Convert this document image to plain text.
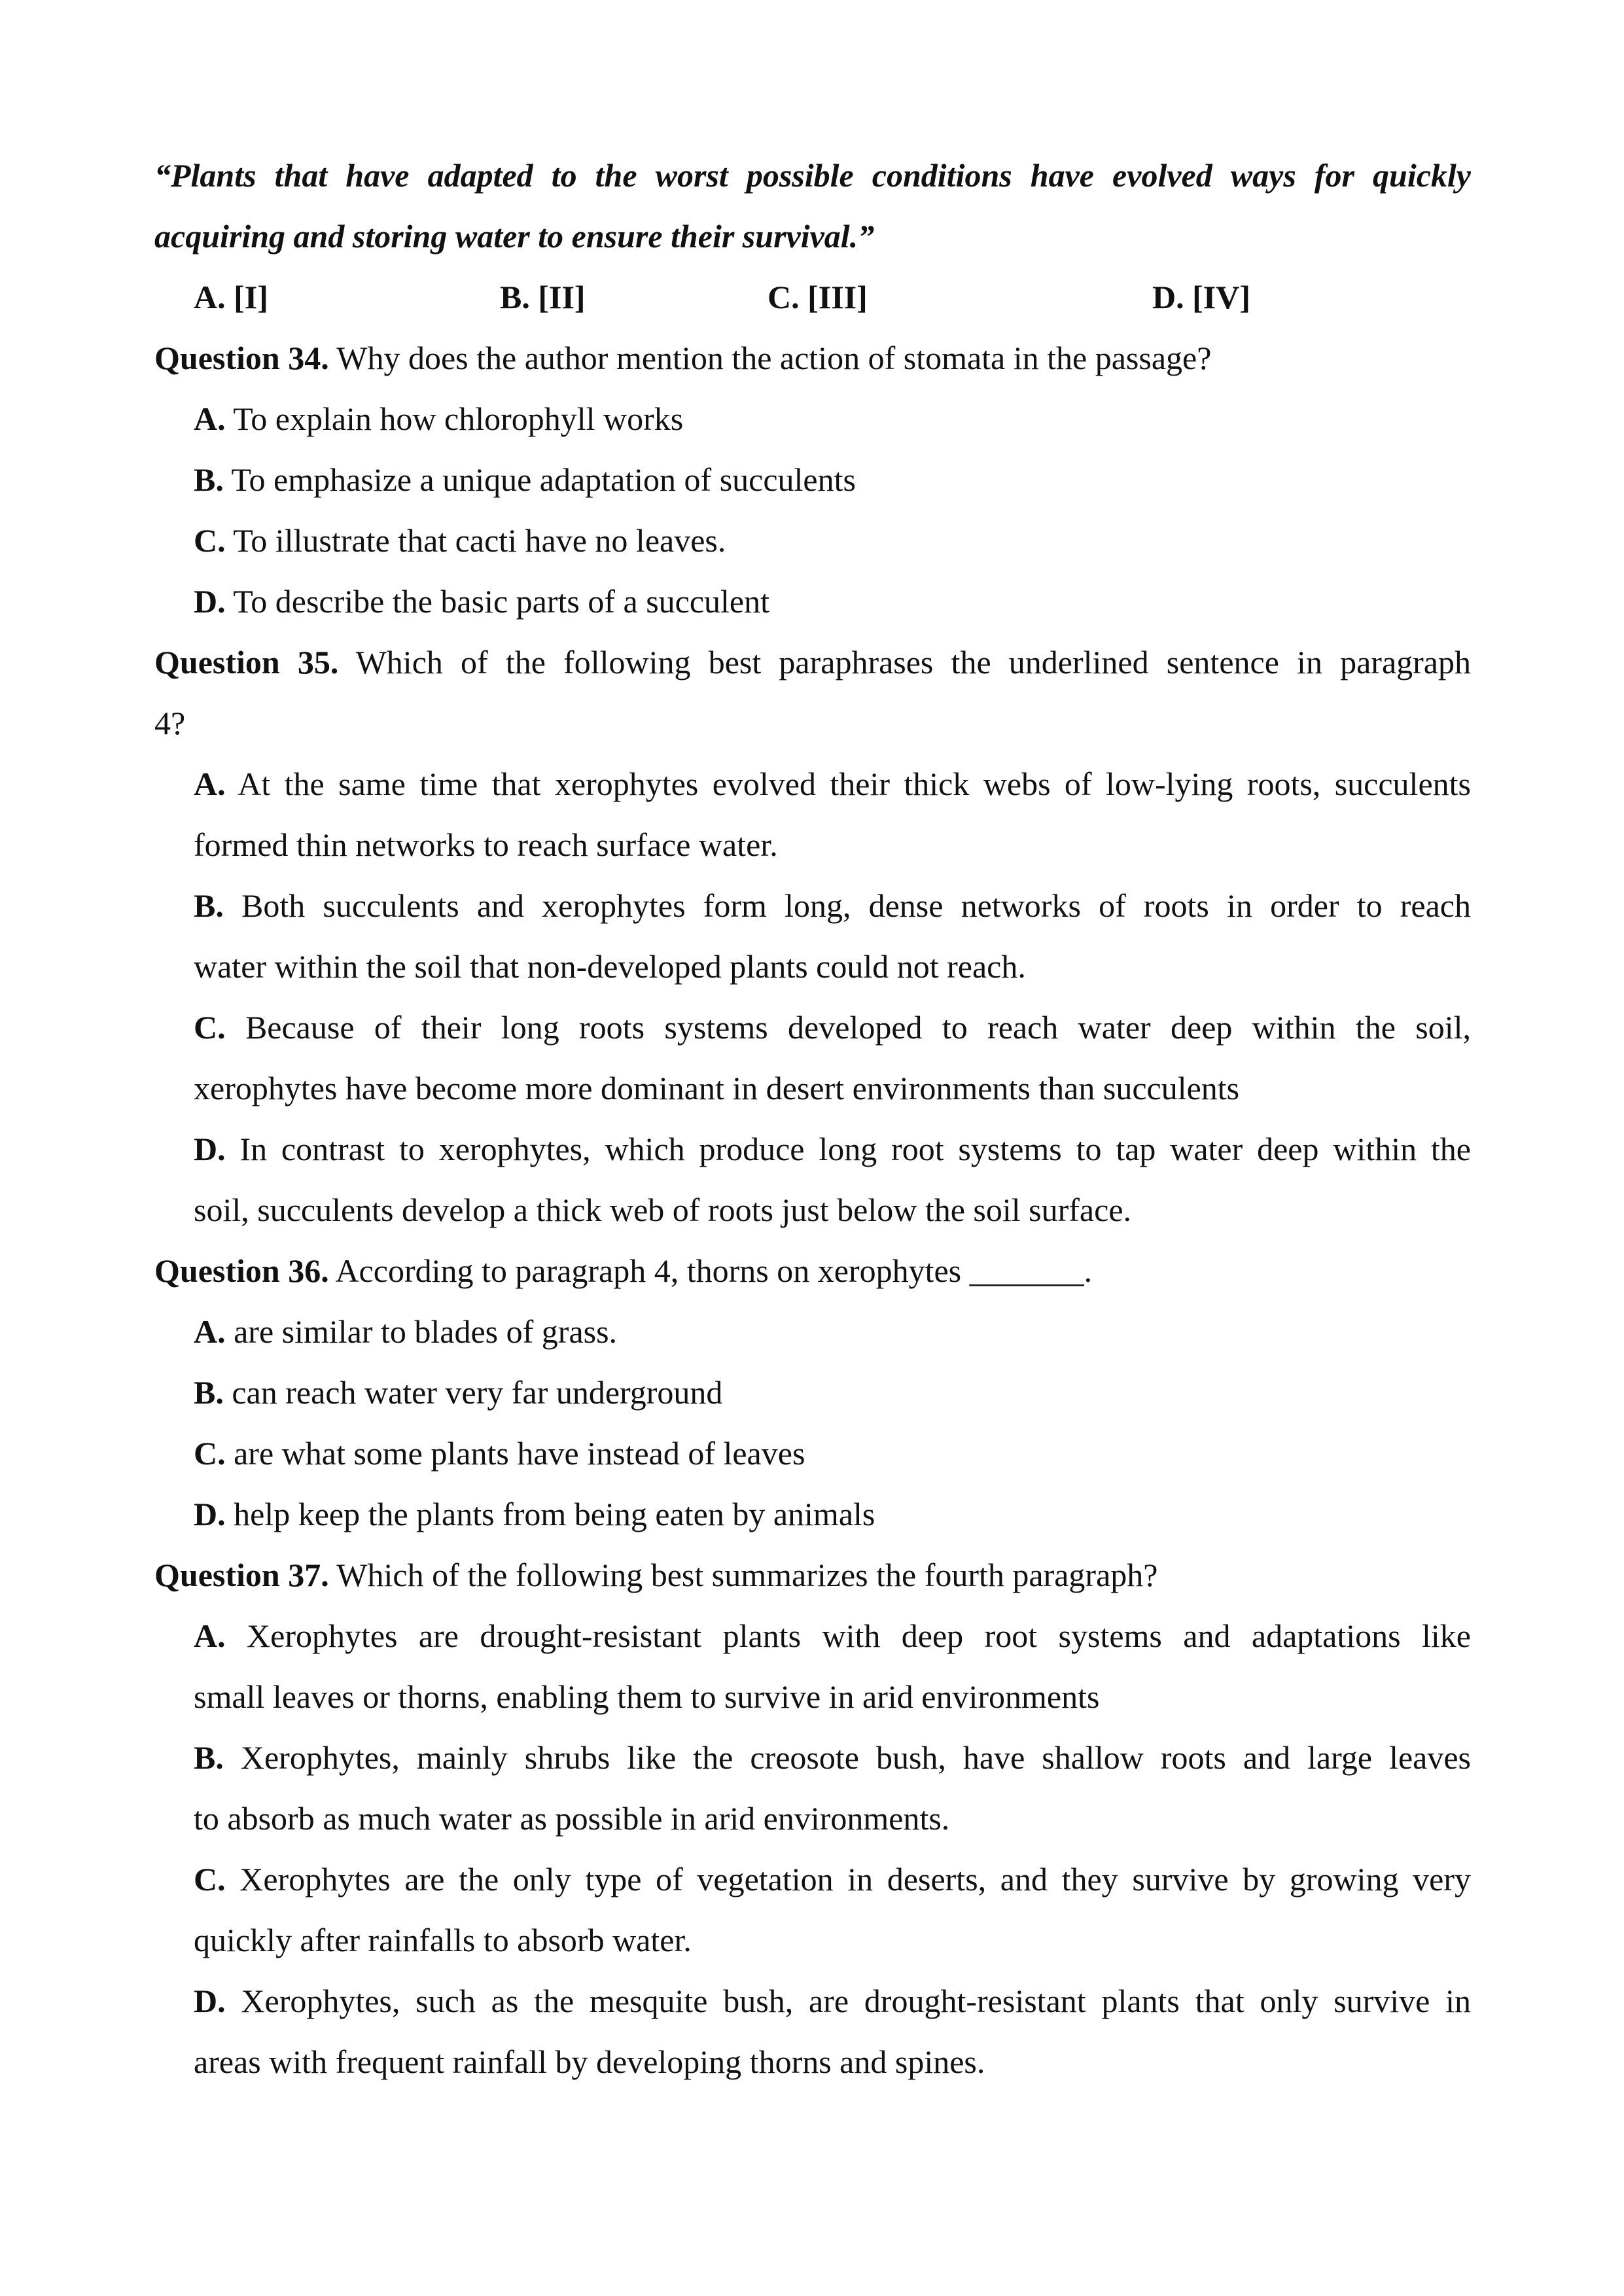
“Plants that have adapted to the worst possible conditions have evolved ways for quickly
acquiring and storing water to ensure their survival.”
A. [I]	B. [II]	C. [III]	D. [IV]
Question 34. Why does the author mention the action of stomata in the passage?
A. To explain how chlorophyll works
B. To emphasize a unique adaptation of succulents
C. To illustrate that cacti have no leaves.
D. To describe the basic parts of a succulent
Question 35. Which of the following best paraphrases the underlined sentence in paragraph
4?
A. At the same time that xerophytes evolved their thick webs of low-lying roots, succulents
formed thin networks to reach surface water.
B. Both succulents and xerophytes form long, dense networks of roots in order to reach
water within the soil that non-developed plants could not reach.
C. Because of their long roots systems developed to reach water deep within the soil,
xerophytes have become more dominant in desert environments than succulents
D. In contrast to xerophytes, which produce long root systems to tap water deep within the
soil, succulents develop a thick web of roots just below the soil surface.
Question 36. According to paragraph 4, thorns on xerophytes _______.
A. are similar to blades of grass.
B. can reach water very far underground
C. are what some plants have instead of leaves
D. help keep the plants from being eaten by animals
Question 37. Which of the following best summarizes the fourth paragraph?
A. Xerophytes are drought-resistant plants with deep root systems and adaptations like
small leaves or thorns, enabling them to survive in arid environments
B. Xerophytes, mainly shrubs like the creosote bush, have shallow roots and large leaves
to absorb as much water as possible in arid environments.
C. Xerophytes are the only type of vegetation in deserts, and they survive by growing very
quickly after rainfalls to absorb water.
D. Xerophytes, such as the mesquite bush, are drought-resistant plants that only survive in
areas with frequent rainfall by developing thorns and spines.
